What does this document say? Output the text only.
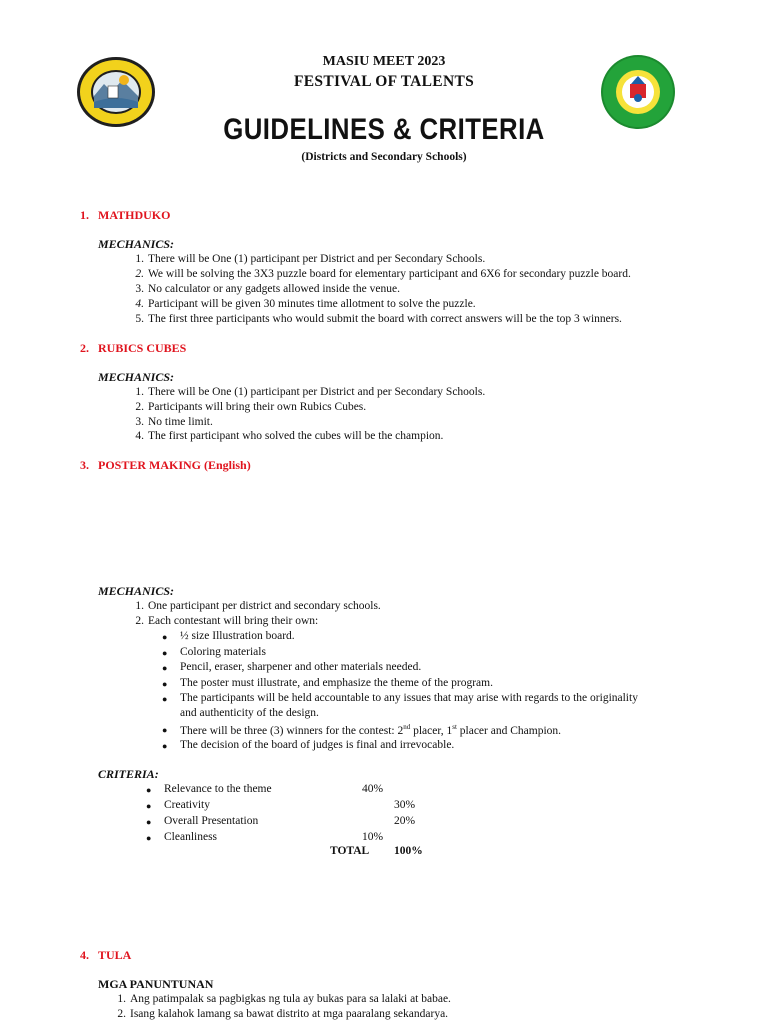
MASIU MEET 2023
FESTIVAL OF TALENTS
GUIDELINES & CRITERIA
(Districts and Secondary Schools)
1. MATHDUKO
MECHANICS:
1. There will be One (1) participant per District and per Secondary Schools.
2. We will be solving the 3X3 puzzle board for elementary participant and 6X6 for secondary puzzle board.
3. No calculator or any gadgets allowed inside the venue.
4. Participant will be given 30 minutes time allotment to solve the puzzle.
5. The first three participants who would submit the board with correct answers will be the top 3 winners.
2. RUBICS CUBES
MECHANICS:
1. There will be One (1) participant per District and per Secondary Schools.
2. Participants will bring their own Rubics Cubes.
3. No time limit.
4. The first participant who solved the cubes will be the champion.
3. POSTER MAKING (English)
MECHANICS:
1. One participant per district and secondary schools.
2. Each contestant will bring their own:
● ½ size Illustration board.
● Coloring materials
● Pencil, eraser, sharpener and other materials needed.
● The poster must illustrate, and emphasize the theme of the program.
● The participants will be held accountable to any issues that may arise with regards to the originality
and authenticity of the design.
● There will be three (3) winners for the contest: 2nd placer, 1st placer and Champion.
● The decision of the board of judges is final and irrevocable.
CRITERIA:
● Relevance to the theme	40%
● Creativity	30%
● Overall Presentation	20%
● Cleanliness	10%
TOTAL 100%
4. TULA
MGA PANUNTUNAN
1. Ang patimpalak sa pagbigkas ng tula ay bukas para sa lalaki at babae.
2. Isang kalahok lamang sa bawat distrito at mga paaralang sekandarya.
